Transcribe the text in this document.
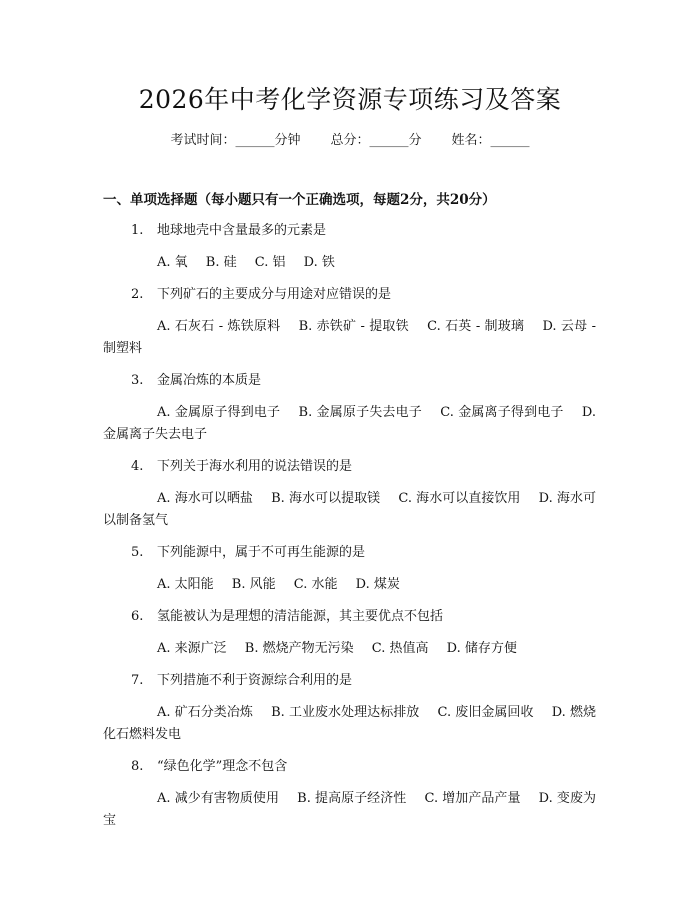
2026年中考化学资源专项练习及答案
考试时间：______分钟 总分：______分 姓名：______
一、单项选择题（每小题只有一个正确选项，每题2分，共20分）
1. 地球地壳中含量最多的元素是
A. 氧 B. 硅 C. 铝 D. 铁
2. 下列矿石的主要成分与用途对应错误的是
A. 石灰石 - 炼铁原料 B. 赤铁矿 - 提取铁 C. 石英 - 制玻璃 D. 云母 - 制塑料
3. 金属冶炼的本质是
A. 金属原子得到电子 B. 金属原子失去电子 C. 金属离子得到电子 D. 金属离子失去电子
4. 下列关于海水利用的说法错误的是
A. 海水可以晒盐 B. 海水可以提取镁 C. 海水可以直接饮用 D. 海水可以制备氢气
5. 下列能源中，属于不可再生能源的是
A. 太阳能 B. 风能 C. 水能 D. 煤炭
6. 氢能被认为是理想的清洁能源，其主要优点不包括
A. 来源广泛 B. 燃烧产物无污染 C. 热值高 D. 储存方便
7. 下列措施不利于资源综合利用的是
A. 矿石分类冶炼 B. 工业废水处理达标排放 C. 废旧金属回收 D. 燃烧化石燃料发电
8. “绿色化学”理念不包含
A. 减少有害物质使用 B. 提高原子经济性 C. 增加产品产量 D. 变废为宝
